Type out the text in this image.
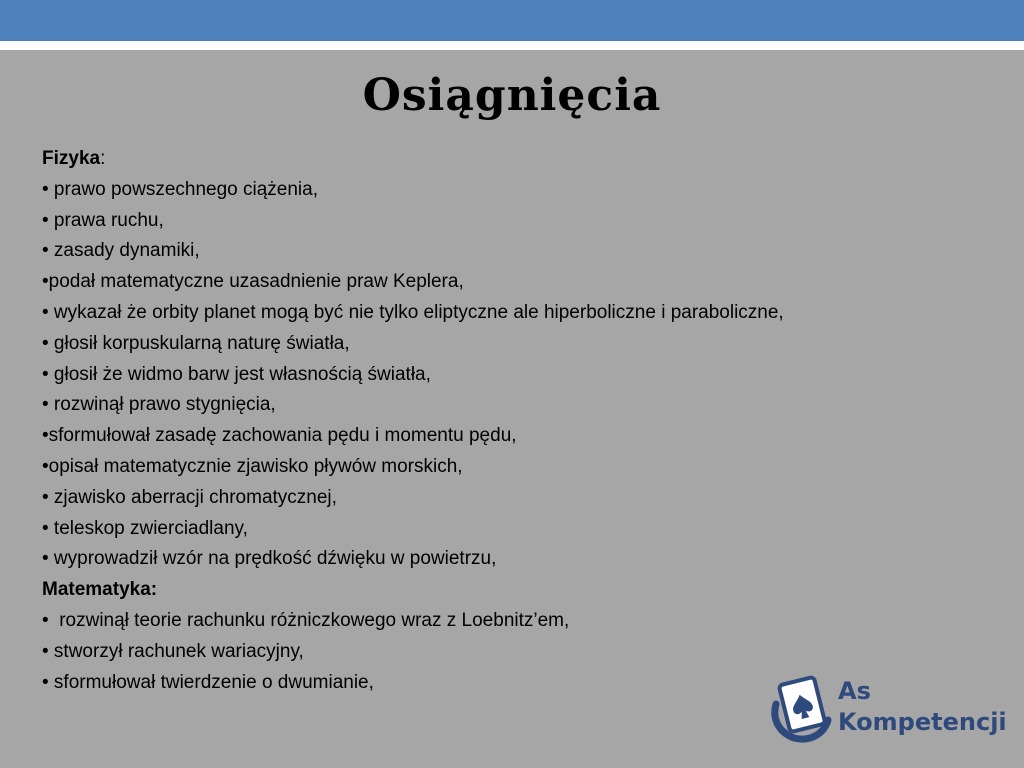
Osiągnięcia
Fizyka:
• prawo powszechnego ciążenia,
• prawa ruchu,
• zasady dynamiki,
•podał matematyczne uzasadnienie praw Keplera,
• wykazał że orbity planet mogą być nie tylko eliptyczne ale hiperboliczne i paraboliczne,
• głosił korpuskularną naturę światła,
• głosił że widmo barw jest własnością światła,
• rozwinął prawo stygnięcia,
•sformułował zasadę zachowania pędu i momentu pędu,
•opisał matematycznie zjawisko pływów morskich,
• zjawisko aberracji chromatycznej,
• teleskop zwierciadlany,
• wyprowadził wzór na prędkość dźwięku w powietrzu,
Matematyka:
•  rozwinął teorie rachunku różniczkowego wraz z Loebnitz’em,
• stworzył rachunek wariacyjny,
• sformułował twierdzenie o dwumianie,	As
Kompetencji
